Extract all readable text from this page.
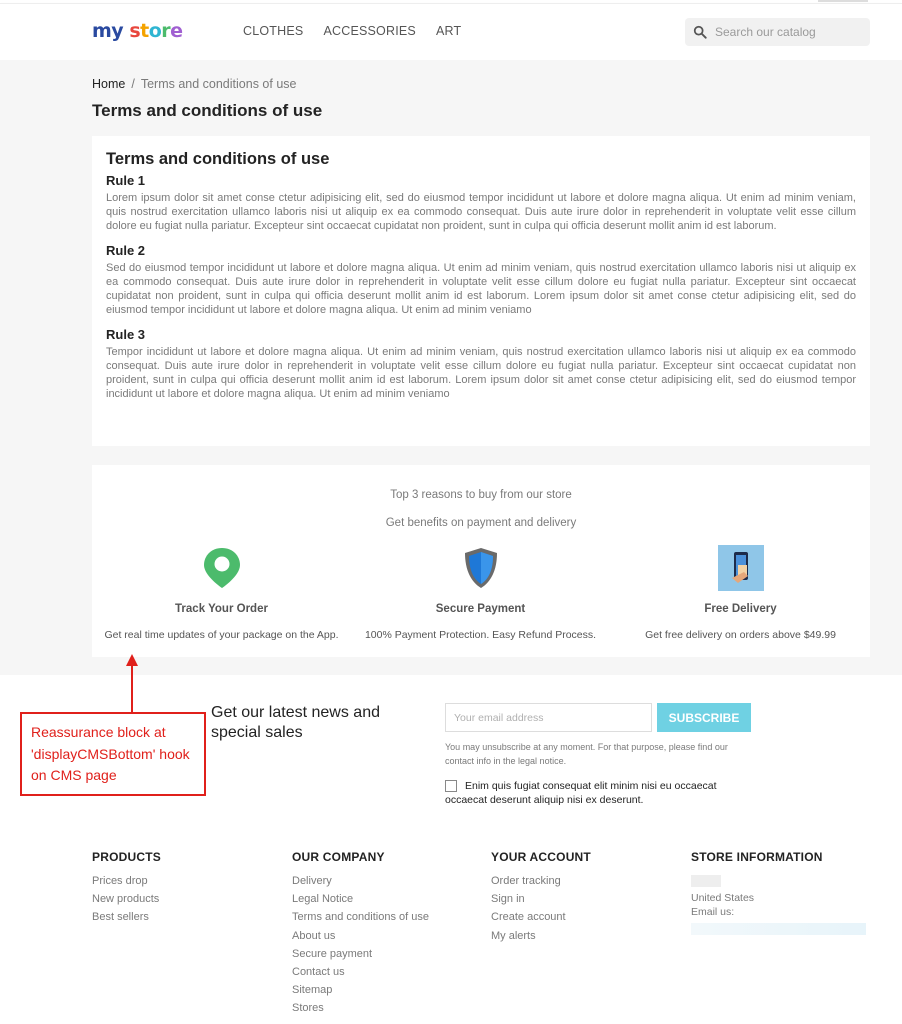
my store	CLOTHES ACCESSORIES ART
Search our catalog
Home / Terms and conditions of use
Terms and conditions of use
Terms and conditions of use
Rule 1

Lorem ipsum dolor sit amet conse ctetur adipisicing elit, sed do eiusmod tempor incididunt ut labore et dolore magna aliqua. Ut enim ad minim veniam, quis nostrud exercitation ullamco laboris nisi ut aliquip ex ea commodo consequat. Duis aute irure dolor in reprehenderit in voluptate velit esse cillum dolore eu fugiat nulla pariatur. Excepteur sint occaecat cupidatat non proident, sunt in culpa qui officia deserunt mollit anim id est laborum.

Rule 2

Sed do eiusmod tempor incididunt ut labore et dolore magna aliqua. Ut enim ad minim veniam, quis nostrud exercitation ullamco laboris nisi ut aliquip ex ea commodo consequat. Duis aute irure dolor in reprehenderit in voluptate velit esse cillum dolore eu fugiat nulla pariatur. Excepteur sint occaecat cupidatat non proident, sunt in culpa qui officia deserunt mollit anim id est laborum. Lorem ipsum dolor sit amet conse ctetur adipisicing elit, sed do eiusmod tempor incididunt ut labore et dolore magna aliqua. Ut enim ad minim veniamo

Rule 3

Tempor incididunt ut labore et dolore magna aliqua. Ut enim ad minim veniam, quis nostrud exercitation ullamco laboris nisi ut aliquip ex ea commodo consequat. Duis aute irure dolor in reprehenderit in voluptate velit esse cillum dolore eu fugiat nulla pariatur. Excepteur sint occaecat cupidatat non proident, sunt in culpa qui officia deserunt mollit anim id est laborum. Lorem ipsum dolor sit amet conse ctetur adipisicing elit, sed do eiusmod tempor incididunt ut labore et dolore magna aliqua. Ut enim ad minim veniamo

Top 3 reasons to buy from our store
Get benefits on payment and delivery
Track Your Order
Get real time updates of your package on the App.
Secure Payment
100% Payment Protection. Easy Refund Process.
Free Delivery
Get free delivery on orders above $49.99
Reassurance block at 'displayCMSBottom' hook on CMS page
Get our latest news and special sales
Your email address
SUBSCRIBE
You may unsubscribe at any moment. For that purpose, please find our contact info in the legal notice.
Enim quis fugiat consequat elit minim nisi eu occaecat occaecat deserunt aliquip nisi ex deserunt.
PRODUCTS
Prices drop
New products
Best sellers
OUR COMPANY
Delivery
Legal Notice
Terms and conditions of use
About us
Secure payment
Contact us
Sitemap
Stores
YOUR ACCOUNT
Order tracking
Sign in
Create account
My alerts
STORE INFORMATION
United States
Email us:
